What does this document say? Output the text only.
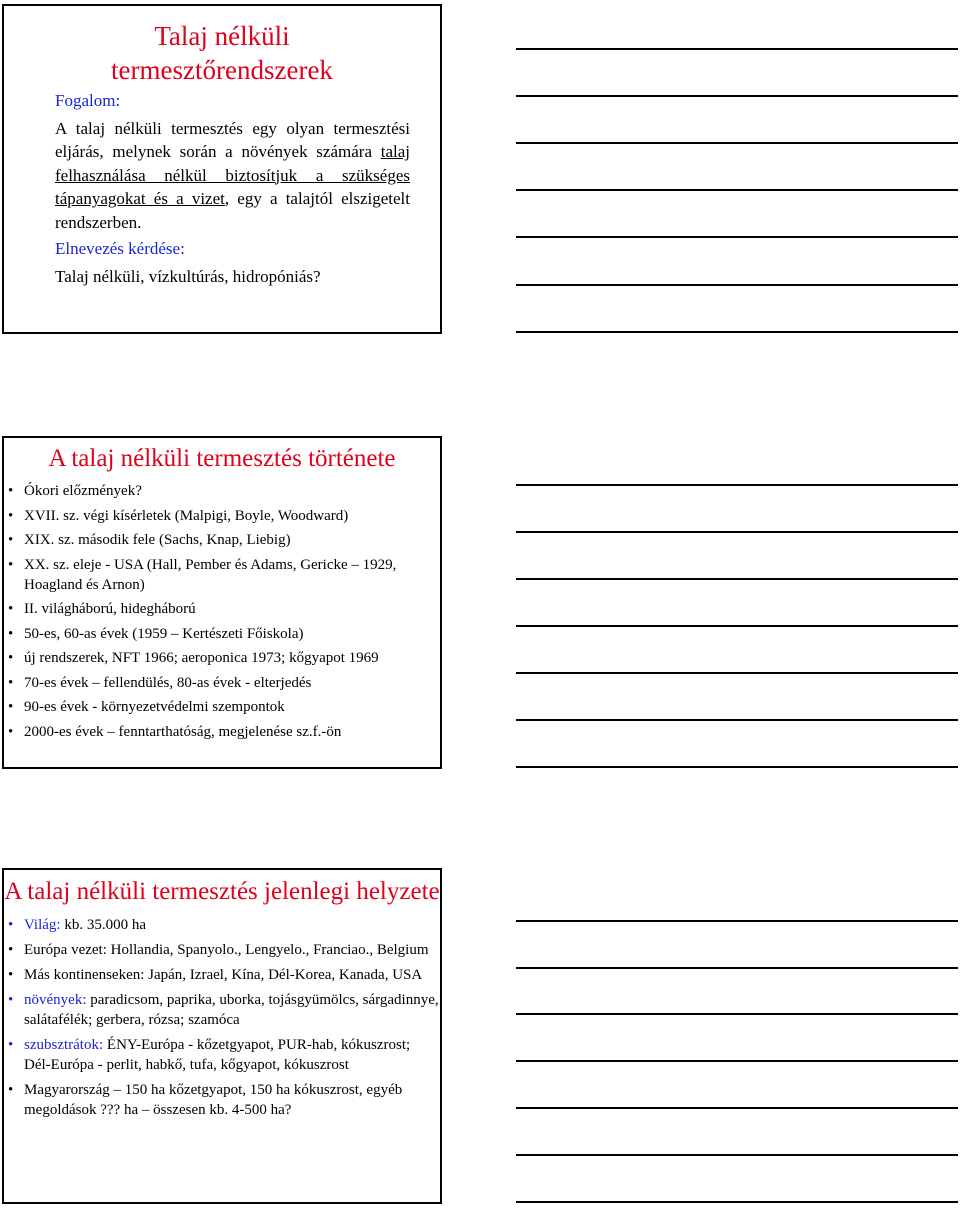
Talaj nélküli
termesztőrendszerek
Fogalom:

A talaj nélküli termesztés egy olyan termesztési eljárás, melynek során a növények számára talaj felhasználása nélkül biztosítjuk a szükséges tápanyagokat és a vizet, egy a talajtól elszigetelt rendszerben.

Elnevezés kérdése:

Talaj nélküli, vízkultúrás, hidropóniás?

A talaj nélküli termesztés története
• Ókori előzmények?
• XVII. sz. végi kísérletek (Malpigi, Boyle, Woodward)
• XIX. sz. második fele (Sachs, Knap, Liebig)
• XX. sz. eleje - USA (Hall, Pember és Adams, Gericke – 1929, Hoagland és Arnon)
• II. világháború, hidegháború
• 50-es, 60-as évek (1959 – Kertészeti Főiskola)
• új rendszerek, NFT 1966; aeroponica 1973; kőgyapot 1969
• 70-es évek – fellendülés, 80-as évek - elterjedés
• 90-es évek - környezetvédelmi szempontok
• 2000-es évek – fenntarthatóság, megjelenése sz.f.-ön
A talaj nélküli termesztés jelenlegi helyzete
• Világ: kb. 35.000 ha
• Európa vezet: Hollandia, Spanyolo., Lengyelo., Franciao., Belgium
• Más kontinenseken: Japán, Izrael, Kína, Dél-Korea, Kanada, USA
• növények: paradicsom, paprika, uborka, tojásgyümölcs, sárgadinnye, salátafélék; gerbera, rózsa; szamóca
• szubsztrátok: ÉNY-Európa - kőzetgyapot, PUR-hab, kókuszrost; Dél-Európa - perlit, habkő, tufa, kőgyapot, kókuszrost
• Magyarország – 150 ha kőzetgyapot, 150 ha kókuszrost, egyéb megoldások ??? ha – összesen kb. 4-500 ha?
